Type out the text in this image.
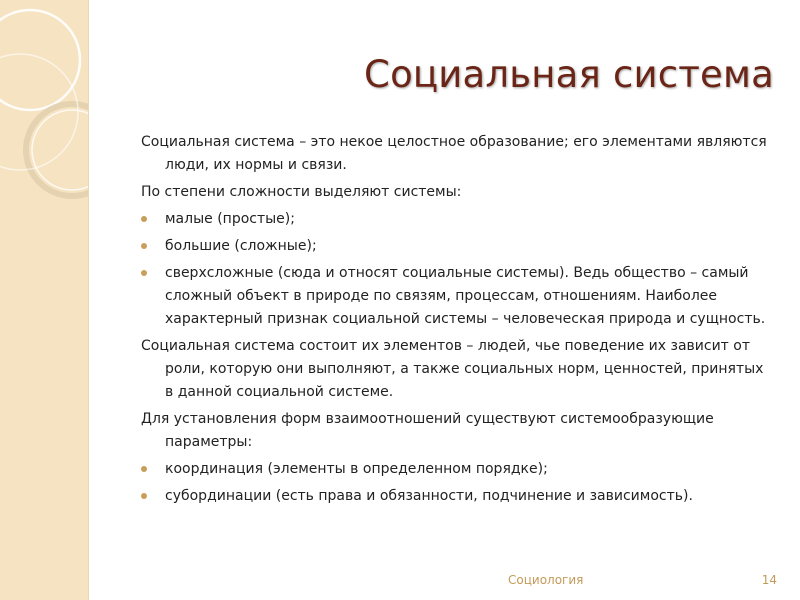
Социальная система

Социальная система – это некое целостное образование; его элементами являются люди, их нормы и связи.

По степени сложности выделяют системы:

малые (простые);
большие (сложные);
сверхсложные (сюда и относят социальные системы). Ведь общество – самый сложный объект в природе по связям, процессам, отношениям. Наиболее характерный признак социальной системы – человеческая природа и сущность.

Социальная система состоит их элементов – людей, чье поведение их зависит от роли, которую они выполняют, а также социальных норм, ценностей, принятых в данной социальной системе.

Для установления форм взаимоотношений существуют системообразующие параметры:

координация (элементы в определенном порядке);
субординации (есть права и обязанности, подчинение и зависимость).
Социология	14
